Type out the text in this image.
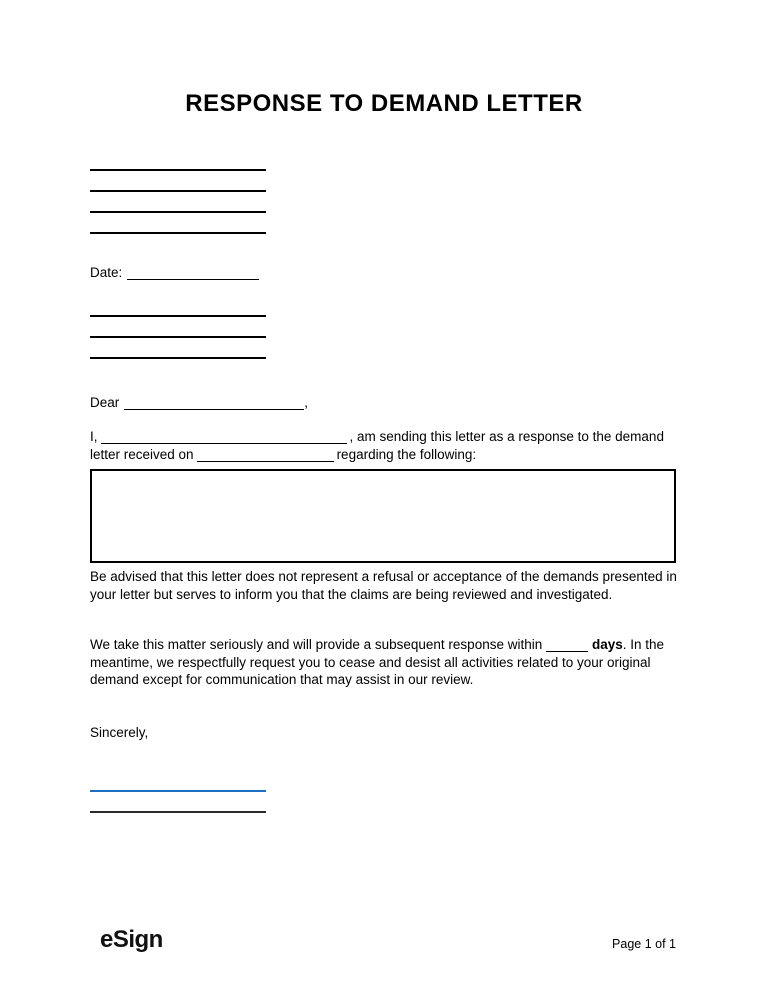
RESPONSE TO DEMAND LETTER
Date:
Dear	,

I,	, am sending this letter as a response to the demand letter received on	regarding the following:

Be advised that this letter does not represent a refusal or acceptance of the demands presented in your letter but serves to inform you that the claims are being reviewed and investigated.

We take this matter seriously and will provide a subsequent response within	days. In the meantime, we respectfully request you to cease and desist all activities related to your original demand except for communication that may assist in our review.

Sincerely,
eSign	Page 1 of 1
